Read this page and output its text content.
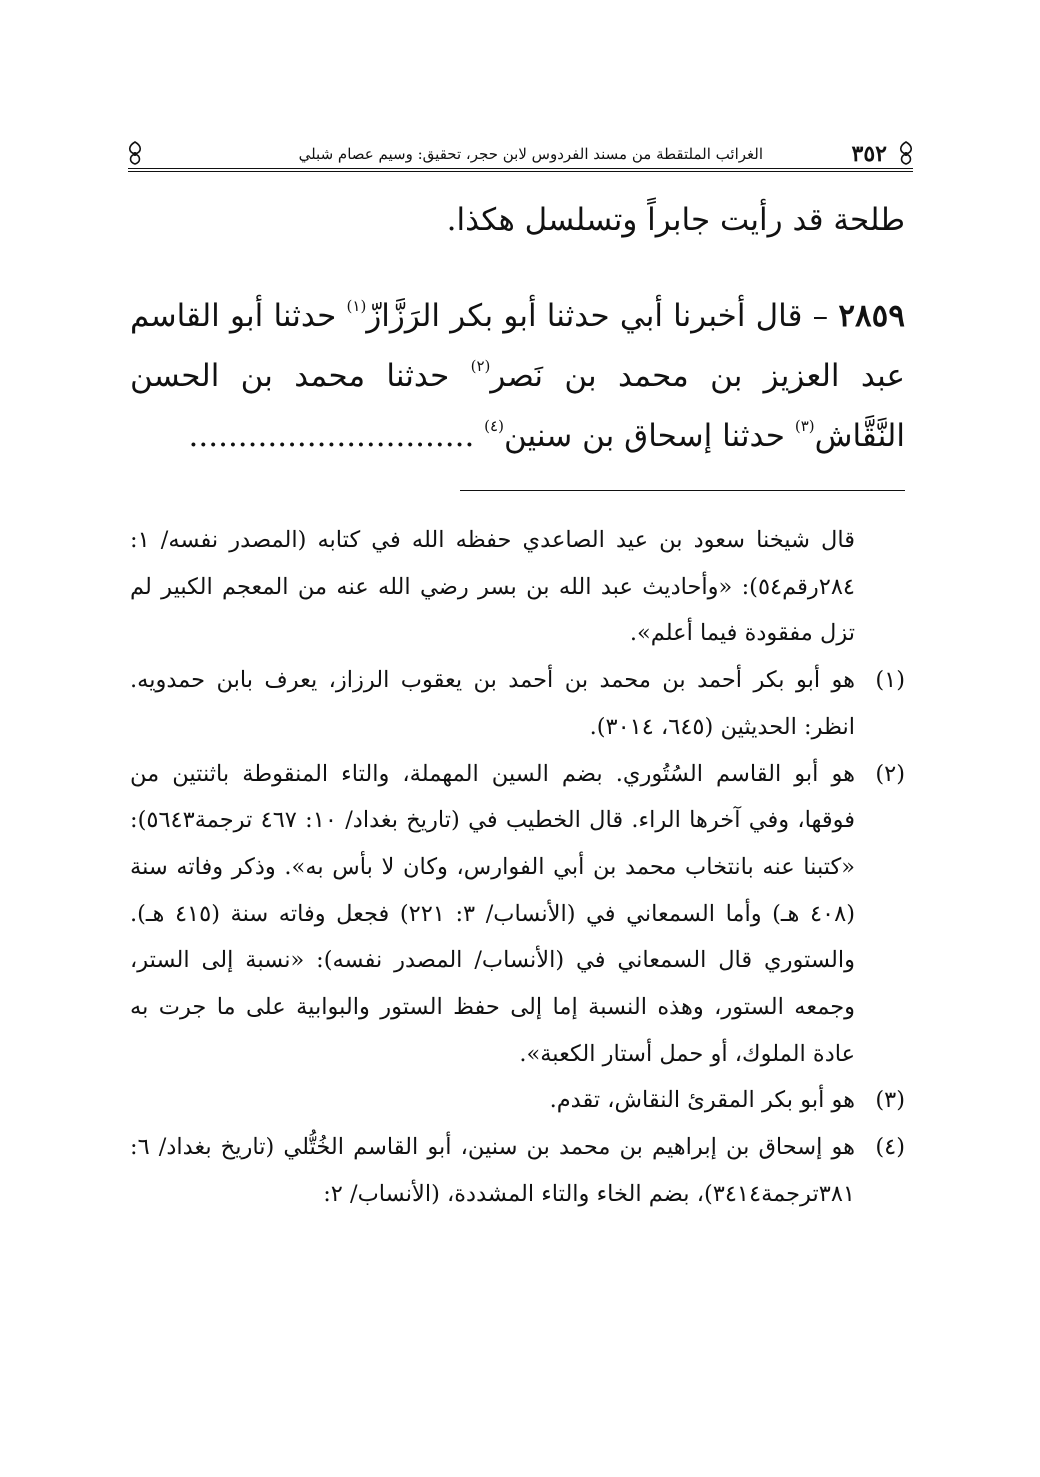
٣٥٢
الغرائب الملتقطة من مسند الفردوس لابن حجر، تحقيق: وسيم عصام شبلي

طلحة قد رأيت جابراً وتسلسل هكذا.

٢٨٥٩ – قال أخبرنا أبي حدثنا أبو بكر الرَزَّازّ$^{(١)}$ حدثنا أبو القاسم عبد العزيز بن محمد بن نَصر$^{(٢)}$ حدثنا محمد بن الحسن النَّقَّاش$^{(٣)}$ حدثنا إسحاق بن سنين$^{(٤)}$ .............................

قال شيخنا سعود بن عيد الصاعدي حفظه الله في كتابه (المصدر نفسه/ ١: ٢٨٤رقم٥٤): «وأحاديث عبد الله بن بسر رضي الله عنه من المعجم الكبير لم تزل مفقودة فيما أعلم».

(١)
هو أبو بكر أحمد بن محمد بن أحمد بن يعقوب الرزاز، يعرف بابن حمدويه. انظر: الحديثين (٦٤٥، ٣٠١٤).

(٢)
هو أبو القاسم السُتُوري. بضم السين المهملة، والتاء المنقوطة باثنتين من فوقها، وفي آخرها الراء. قال الخطيب في (تاريخ بغداد/ ١٠: ٤٦٧ ترجمة٥٦٤٣): «كتبنا عنه بانتخاب محمد بن أبي الفوارس، وكان لا بأس به». وذكر وفاته سنة (٤٠٨ هـ) وأما السمعاني في (الأنساب/ ٣: ٢٢١) فجعل وفاته سنة (٤١٥ هـ). والستوري قال السمعاني في (الأنساب/ المصدر نفسه): «نسبة إلى الستر، وجمعه الستور، وهذه النسبة إما إلى حفظ الستور والبوابية على ما جرت به عادة الملوك، أو حمل أستار الكعبة».

(٣)
هو أبو بكر المقرئ النقاش، تقدم.

(٤)
هو إسحاق بن إبراهيم بن محمد بن سنين، أبو القاسم الخُتُّلي (تاريخ بغداد/ ٦: ٣٨١ترجمة٣٤١٤)، بضم الخاء والتاء المشددة، (الأنساب/ ٢:
